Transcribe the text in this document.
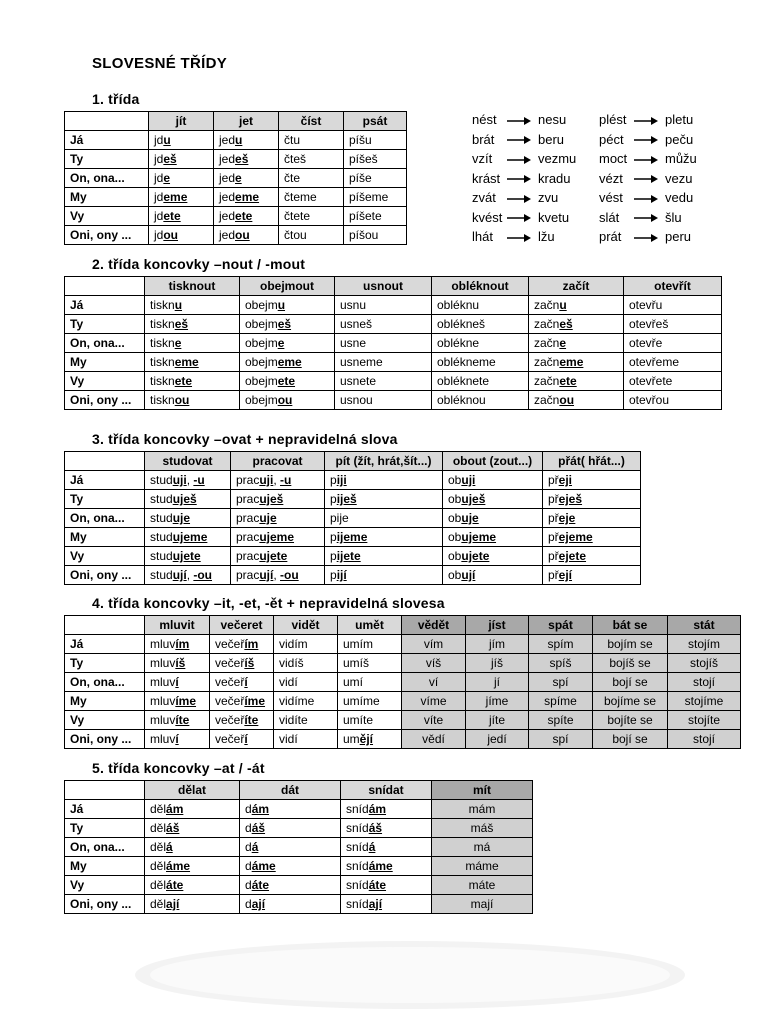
SLOVESNÉ TŘÍDY
1. třída
	jít	jet	číst	psát
Já	jdu	jedu	čtu	píšu
Ty	jdeš	jedeš	čteš	píšeš
On, ona...	jde	jede	čte	píše
My	jdeme	jedeme	čteme	píšeme
Vy	jdete	jedete	čtete	píšete
Oni, ony ...	jdou	jedou	čtou	píšou
nést	nesu
brát	beru
vzít	vezmu
krást	kradu
zvát	zvu
kvést	kvetu
lhát	lžu
plést	pletu
péct	peču
moct	můžu
vézt	vezu
vést	vedu
slát	šlu
prát	peru
2. třída koncovky –nout / -mout
	tisknout	obejmout	usnout	obléknout	začít	otevřít
Já	tisknu	obejmu	usnu	obléknu	začnu	otevřu
Ty	tiskneš	obejmeš	usneš	oblékneš	začneš	otevřeš
On, ona...	tiskne	obejme	usne	oblékne	začne	otevře
My	tiskneme	obejmeme	usneme	oblékneme	začneme	otevřeme
Vy	tisknete	obejmete	usnete	obléknete	začnete	otevřete
Oni, ony ...	tisknou	obejmou	usnou	obléknou	začnou	otevřou
3. třída koncovky –ovat + nepravidelná slova
	studovat	pracovat	pít (žít, hrát,šít...)	obout (zout...)	přát( hřát...)
Já	studuji, -u	pracuji, -u	piji	obuji	přeji
Ty	studuješ	pracuješ	piješ	obuješ	přeješ
On, ona...	studuje	pracuje	pije	obuje	přeje
My	studujeme	pracujeme	pijeme	obujeme	přejeme
Vy	studujete	pracujete	pijete	obujete	přejete
Oni, ony ...	studují, -ou	pracují, -ou	pijí	obují	přejí
4. třída koncovky –it, -et, -ět + nepravidelná slovesa
	mluvit	večeret	vidět	umět	vědět	jíst	spát	bát se	stát
Já	mluvím	večeřím	vidím	umím	vím	jím	spím	bojím se	stojím
Ty	mluvíš	večeříš	vidíš	umíš	víš	jíš	spíš	bojíš se	stojíš
On, ona...	mluví	večeří	vidí	umí	ví	jí	spí	bojí se	stojí
My	mluvíme	večeříme	vidíme	umíme	víme	jíme	spíme	bojíme se	stojíme
Vy	mluvíte	večeříte	vidíte	umíte	víte	jíte	spíte	bojíte se	stojíte
Oni, ony ...	mluví	večeří	vidí	umějí	vědí	jedí	spí	bojí se	stojí
5. třída koncovky –at / -át
	dělat	dát	snídat	mít
Já	dělám	dám	snídám	mám
Ty	děláš	dáš	snídáš	máš
On, ona...	dělá	dá	snídá	má
My	děláme	dáme	snídáme	máme
Vy	děláte	dáte	snídáte	máte
Oni, ony ...	dělají	dají	snídají	mají
